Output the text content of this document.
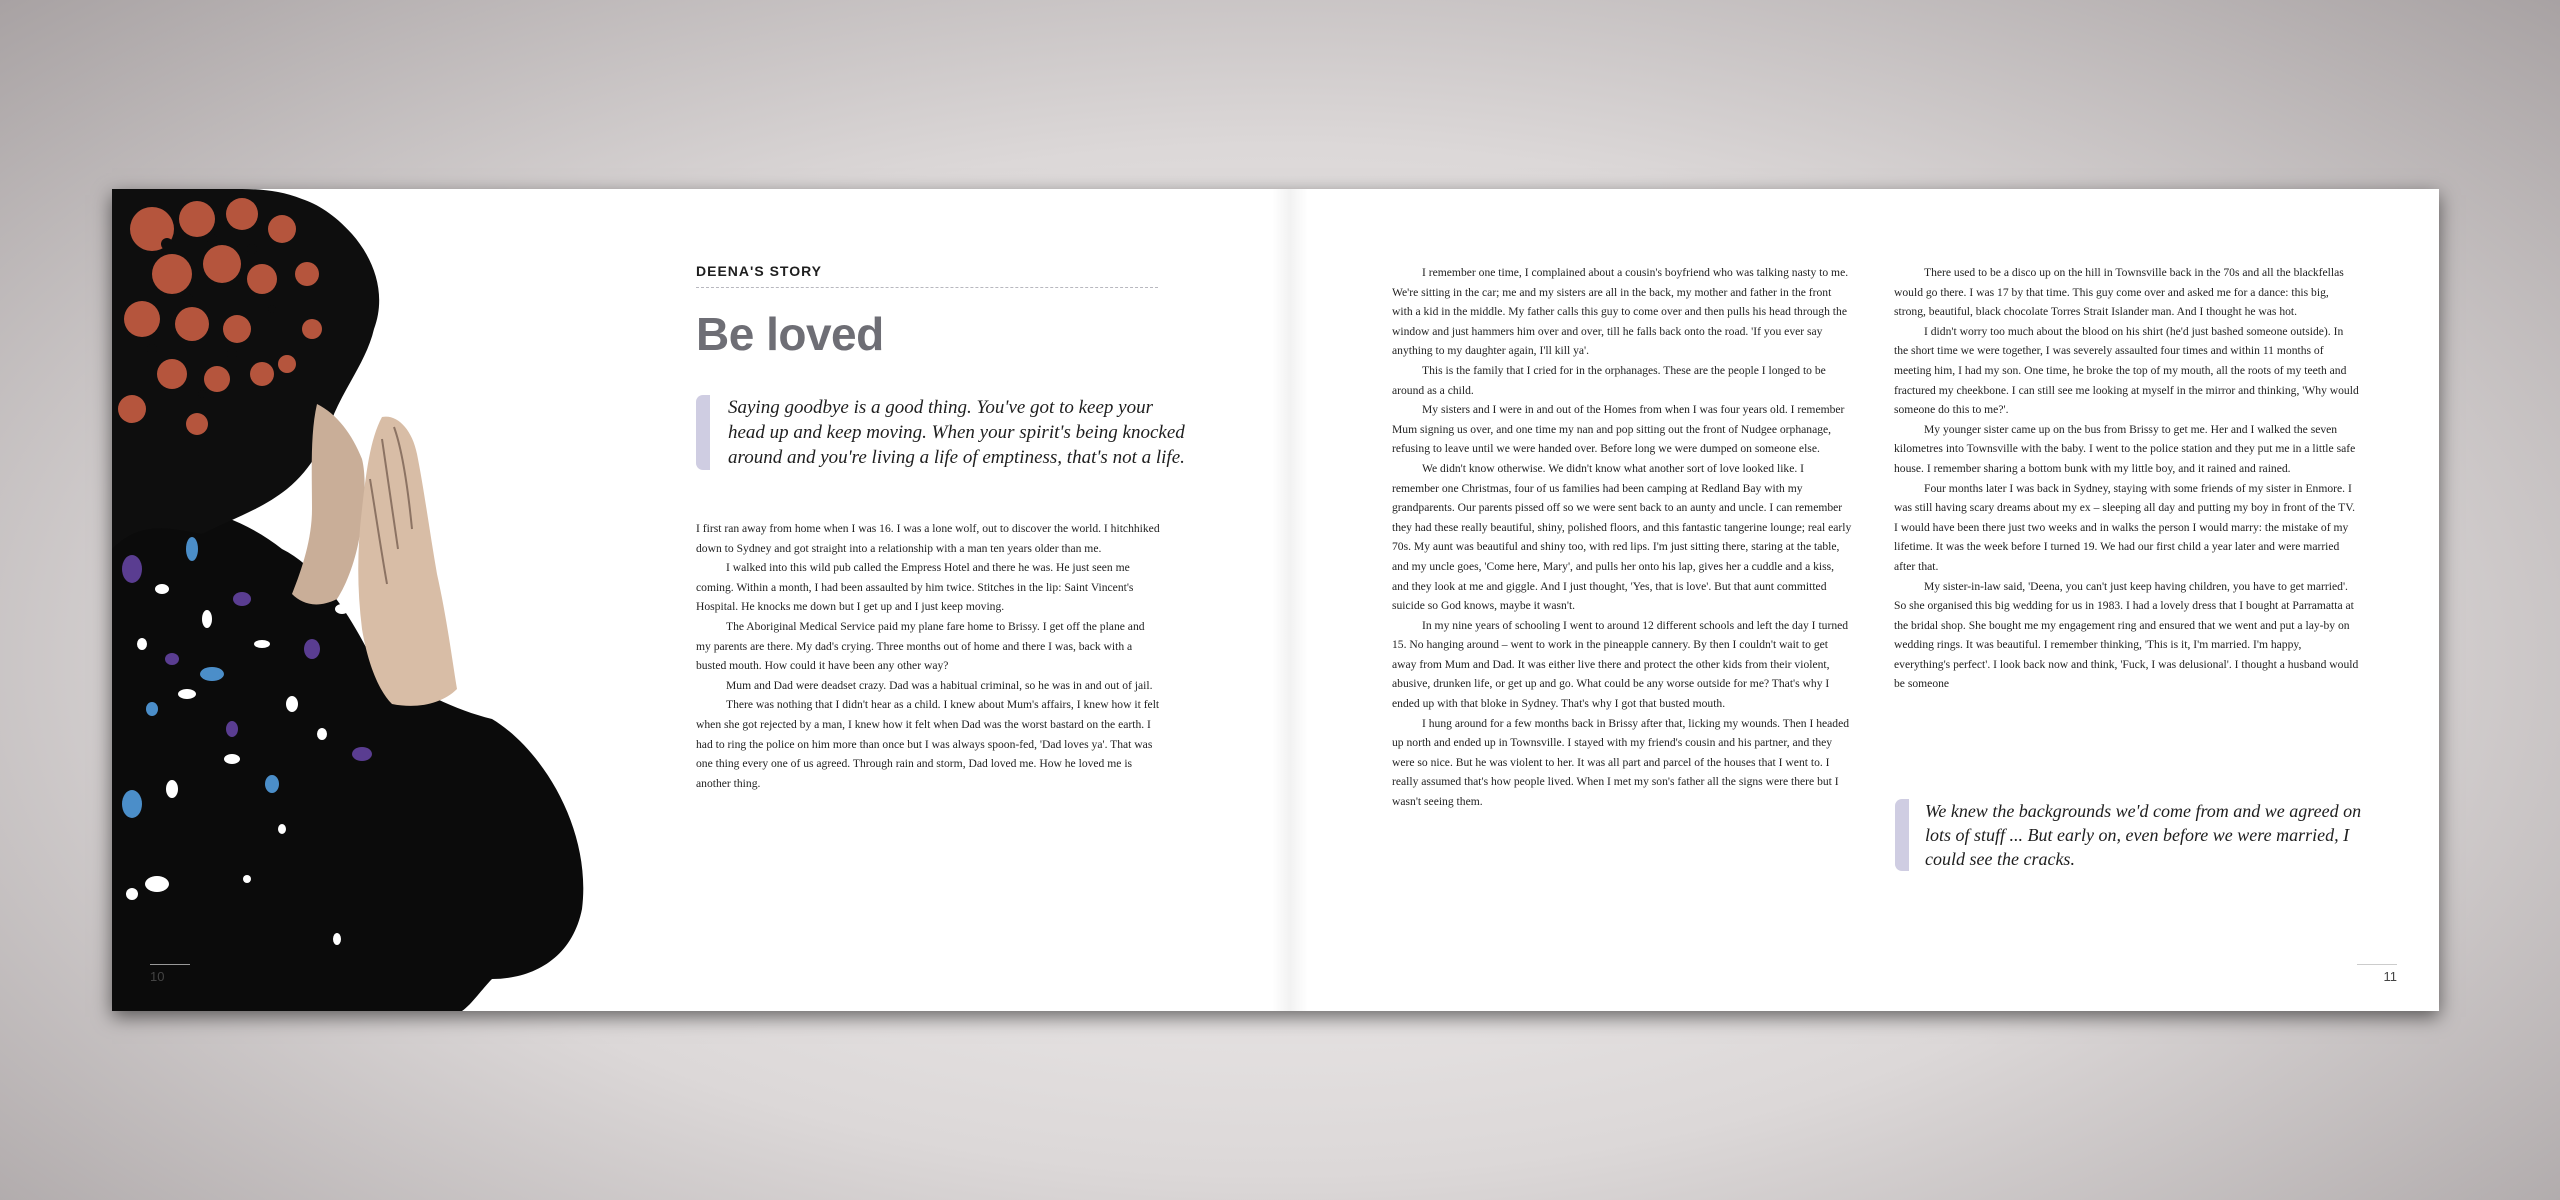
DEENA'S STORY
Be loved
Saying goodbye is a good thing. You've got to keep your head up and keep moving. When your spirit's being knocked around and you're living a life of emptiness, that's not a life.

I first ran away from home when I was 16. I was a lone wolf, out to discover the world. I hitchhiked down to Sydney and got straight into a relationship with a man ten years older than me.

I walked into this wild pub called the Empress Hotel and there he was. He just seen me coming. Within a month, I had been assaulted by him twice. Stitches in the lip: Saint Vincent's Hospital. He knocks me down but I get up and I just keep moving.

The Aboriginal Medical Service paid my plane fare home to Brissy. I get off the plane and my parents are there. My dad's crying. Three months out of home and there I was, back with a busted mouth. How could it have been any other way?

Mum and Dad were deadset crazy. Dad was a habitual criminal, so he was in and out of jail.

There was nothing that I didn't hear as a child. I knew about Mum's affairs, I knew how it felt when she got rejected by a man, I knew how it felt when Dad was the worst bastard on the earth. I had to ring the police on him more than once but I was always spoon-fed, 'Dad loves ya'. That was one thing every one of us agreed. Through rain and storm, Dad loved me. How he loved me is another thing.

10

I remember one time, I complained about a cousin's boyfriend who was talking nasty to me. We're sitting in the car; me and my sisters are all in the back, my mother and father in the front with a kid in the middle. My father calls this guy to come over and then pulls his head through the window and just hammers him over and over, till he falls back onto the road. 'If you ever say anything to my daughter again, I'll kill ya'.

This is the family that I cried for in the orphanages. These are the people I longed to be around as a child.

My sisters and I were in and out of the Homes from when I was four years old. I remember Mum signing us over, and one time my nan and pop sitting out the front of Nudgee orphanage, refusing to leave until we were handed over. Before long we were dumped on someone else.

We didn't know otherwise. We didn't know what another sort of love looked like. I remember one Christmas, four of us families had been camping at Redland Bay with my grandparents. Our parents pissed off so we were sent back to an aunty and uncle. I can remember they had these really beautiful, shiny, polished floors, and this fantastic tangerine lounge; real early 70s. My aunt was beautiful and shiny too, with red lips. I'm just sitting there, staring at the table, and my uncle goes, 'Come here, Mary', and pulls her onto his lap, gives her a cuddle and a kiss, and they look at me and giggle. And I just thought, 'Yes, that is love'. But that aunt committed suicide so God knows, maybe it wasn't.

In my nine years of schooling I went to around 12 different schools and left the day I turned 15. No hanging around – went to work in the pineapple cannery. By then I couldn't wait to get away from Mum and Dad. It was either live there and protect the other kids from their violent, abusive, drunken life, or get up and go. What could be any worse outside for me? That's why I ended up with that bloke in Sydney. That's why I got that busted mouth.

I hung around for a few months back in Brissy after that, licking my wounds. Then I headed up north and ended up in Townsville. I stayed with my friend's cousin and his partner, and they were so nice. But he was violent to her. It was all part and parcel of the houses that I went to. I really assumed that's how people lived. When I met my son's father all the signs were there but I wasn't seeing them.

There used to be a disco up on the hill in Townsville back in the 70s and all the blackfellas would go there. I was 17 by that time. This guy come over and asked me for a dance: this big, strong, beautiful, black chocolate Torres Strait Islander man. And I thought he was hot.

I didn't worry too much about the blood on his shirt (he'd just bashed someone outside). In the short time we were together, I was severely assaulted four times and within 11 months of meeting him, I had my son. One time, he broke the top of my mouth, all the roots of my teeth and fractured my cheekbone. I can still see me looking at myself in the mirror and thinking, 'Why would someone do this to me?'.

My younger sister came up on the bus from Brissy to get me. Her and I walked the seven kilometres into Townsville with the baby. I went to the police station and they put me in a little safe house. I remember sharing a bottom bunk with my little boy, and it rained and rained.

Four months later I was back in Sydney, staying with some friends of my sister in Enmore. I was still having scary dreams about my ex – sleeping all day and putting my boy in front of the TV. I would have been there just two weeks and in walks the person I would marry: the mistake of my lifetime. It was the week before I turned 19. We had our first child a year later and were married after that.

My sister-in-law said, 'Deena, you can't just keep having children, you have to get married'. So she organised this big wedding for us in 1983. I had a lovely dress that I bought at Parramatta at the bridal shop. She bought me my engagement ring and ensured that we went and put a lay-by on wedding rings. It was beautiful. I remember thinking, 'This is it, I'm married. I'm happy, everything's perfect'. I look back now and think, 'Fuck, I was delusional'. I thought a husband would be someone

We knew the backgrounds we'd come from and we agreed on lots of stuff ... But early on, even before we were married, I could see the cracks.
11
